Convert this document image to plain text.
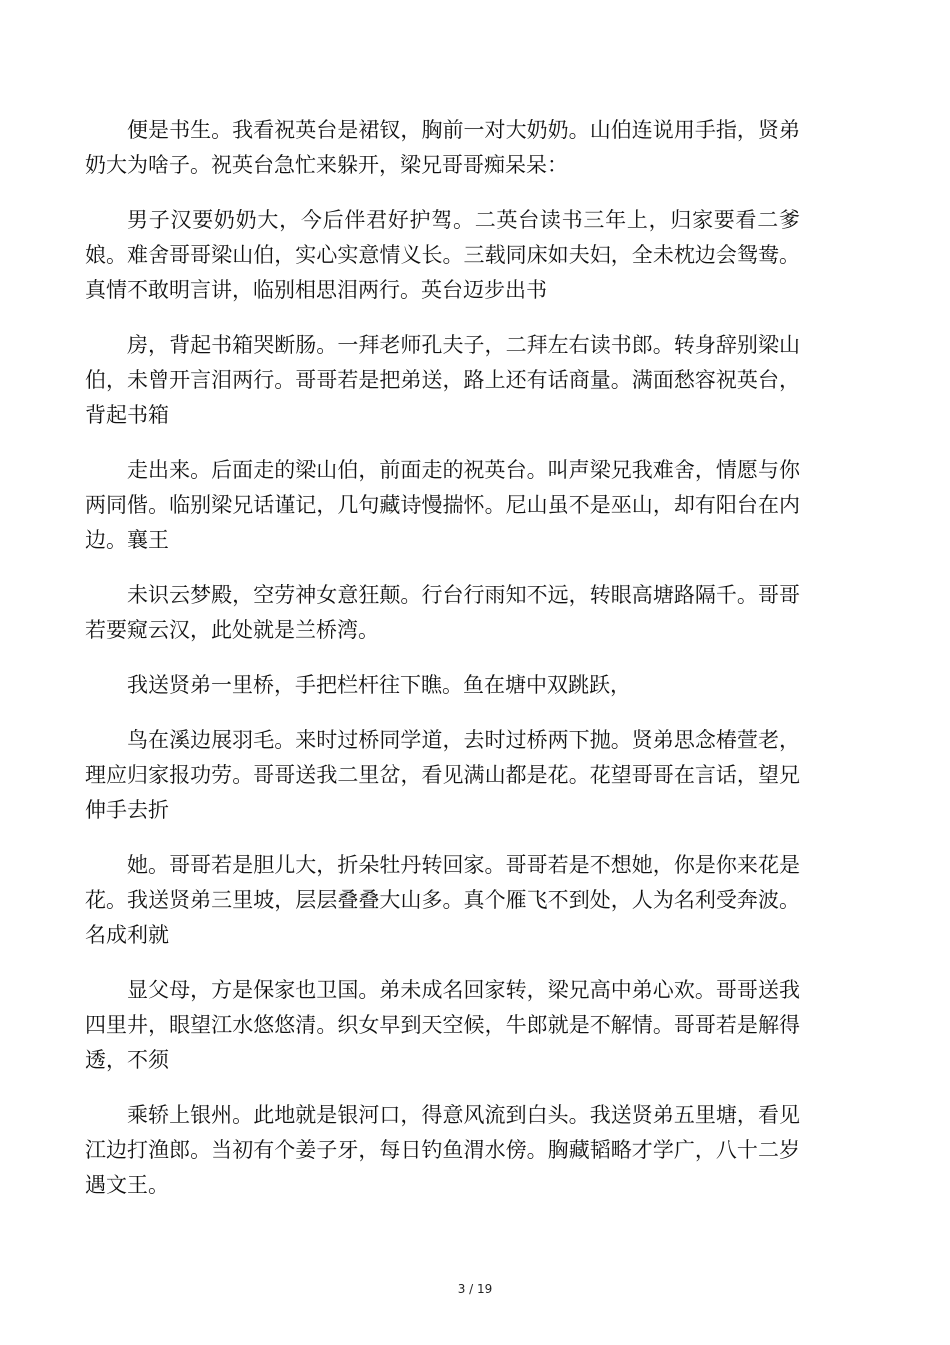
便是书生。我看祝英台是裙钗，胸前一对大奶奶。山伯连说用手指，贤弟奶大为啥子。祝英台急忙来躲开，梁兄哥哥痴呆呆：

男子汉要奶奶大，今后伴君好护驾。二英台读书三年上，归家要看二爹娘。难舍哥哥梁山伯，实心实意情义长。三载同床如夫妇，全未枕边会鸳鸯。真情不敢明言讲，临别相思泪两行。英台迈步出书

房，背起书箱哭断肠。一拜老师孔夫子，二拜左右读书郎。转身辞别梁山伯，未曾开言泪两行。哥哥若是把弟送，路上还有话商量。满面愁容祝英台，背起书箱

走出来。后面走的梁山伯，前面走的祝英台。叫声梁兄我难舍，情愿与你两同偕。临别梁兄话谨记，几句藏诗慢揣怀。尼山虽不是巫山，却有阳台在内边。襄王

未识云梦殿，空劳神女意狂颠。行台行雨知不远，转眼高塘路隔千。哥哥若要窥云汉，此处就是兰桥湾。

我送贤弟一里桥，手把栏杆往下瞧。鱼在塘中双跳跃，

鸟在溪边展羽毛。来时过桥同学道，去时过桥两下抛。贤弟思念椿萱老，理应归家报功劳。哥哥送我二里岔，看见满山都是花。花望哥哥在言话，望兄伸手去折

她。哥哥若是胆儿大，折朵牡丹转回家。哥哥若是不想她，你是你来花是花。我送贤弟三里坡，层层叠叠大山多。真个雁飞不到处，人为名利受奔波。名成利就

显父母，方是保家也卫国。弟未成名回家转，梁兄高中弟心欢。哥哥送我四里井，眼望江水悠悠清。织女早到天空候，牛郎就是不解情。哥哥若是解得透，不须

乘轿上银州。此地就是银河口，得意风流到白头。我送贤弟五里塘，看见江边打渔郎。当初有个姜子牙，每日钓鱼渭水傍。胸藏韬略才学广，八十二岁遇文王。

3 / 19
